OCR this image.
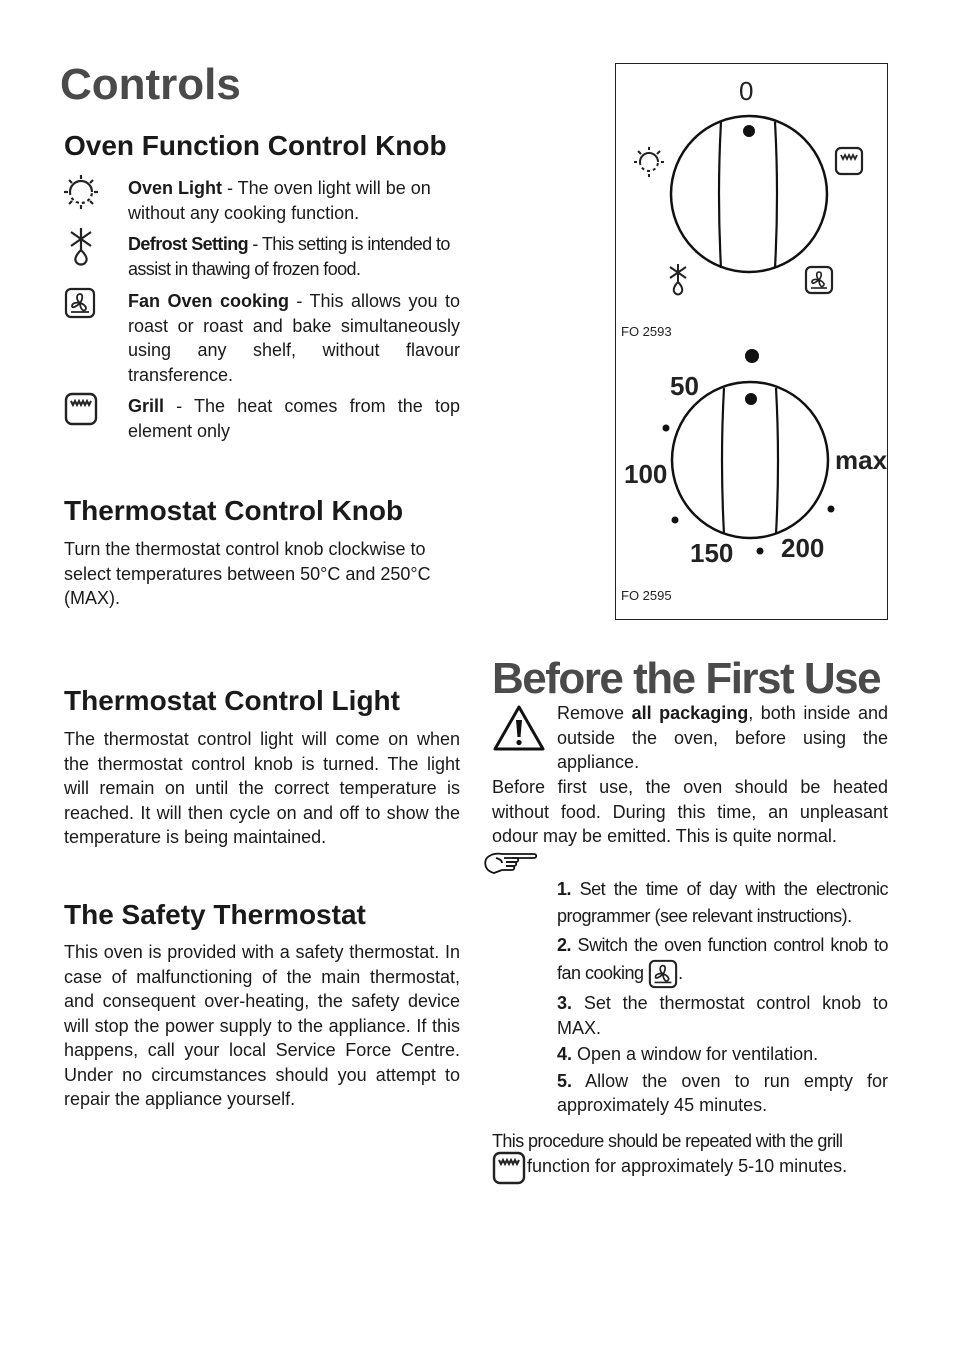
Controls
Oven Function Control Knob

Oven Light - The oven light will be on without any cooking function.

Defrost Setting - This setting is intended to assist in thawing of frozen food.

Fan Oven cooking - This allows you to roast or roast and bake simultaneously using any shelf, without flavour transference.

Grill - The heat comes from the top element only

Thermostat Control Knob

Turn the thermostat control knob clockwise to select temperatures between 50°C and 250°C (MAX).

Thermostat Control Light

The thermostat control light will come on when the thermostat control knob is turned. The light will remain on until the correct temperature is reached. It will then cycle on and off to show the temperature is being maintained.

The Safety Thermostat

This oven is provided with a safety thermostat. In case of malfunctioning of the main thermostat, and consequent over-heating, the safety device will stop the power supply to the appliance. If this happens, call your local Service Force Centre. Under no circumstances should you attempt to repair the appliance yourself.

0
FO 2593
50
100
150 200
max
FO 2595
Before the First Use

Remove all packaging, both inside and outside the oven, before using the appliance.

Before first use, the oven should be heated without food. During this time, an unpleasant odour may be emitted. This is quite normal.

1. Set the time of day with the electronic programmer (see relevant instructions).

2. Switch the oven function control knob to fan cooking .

3. Set the thermostat control knob to MAX.

4. Open a window for ventilation.

5. Allow the oven to run empty for approximately 45 minutes.

This procedure should be repeated with the grill

function for approximately 5-10 minutes.
